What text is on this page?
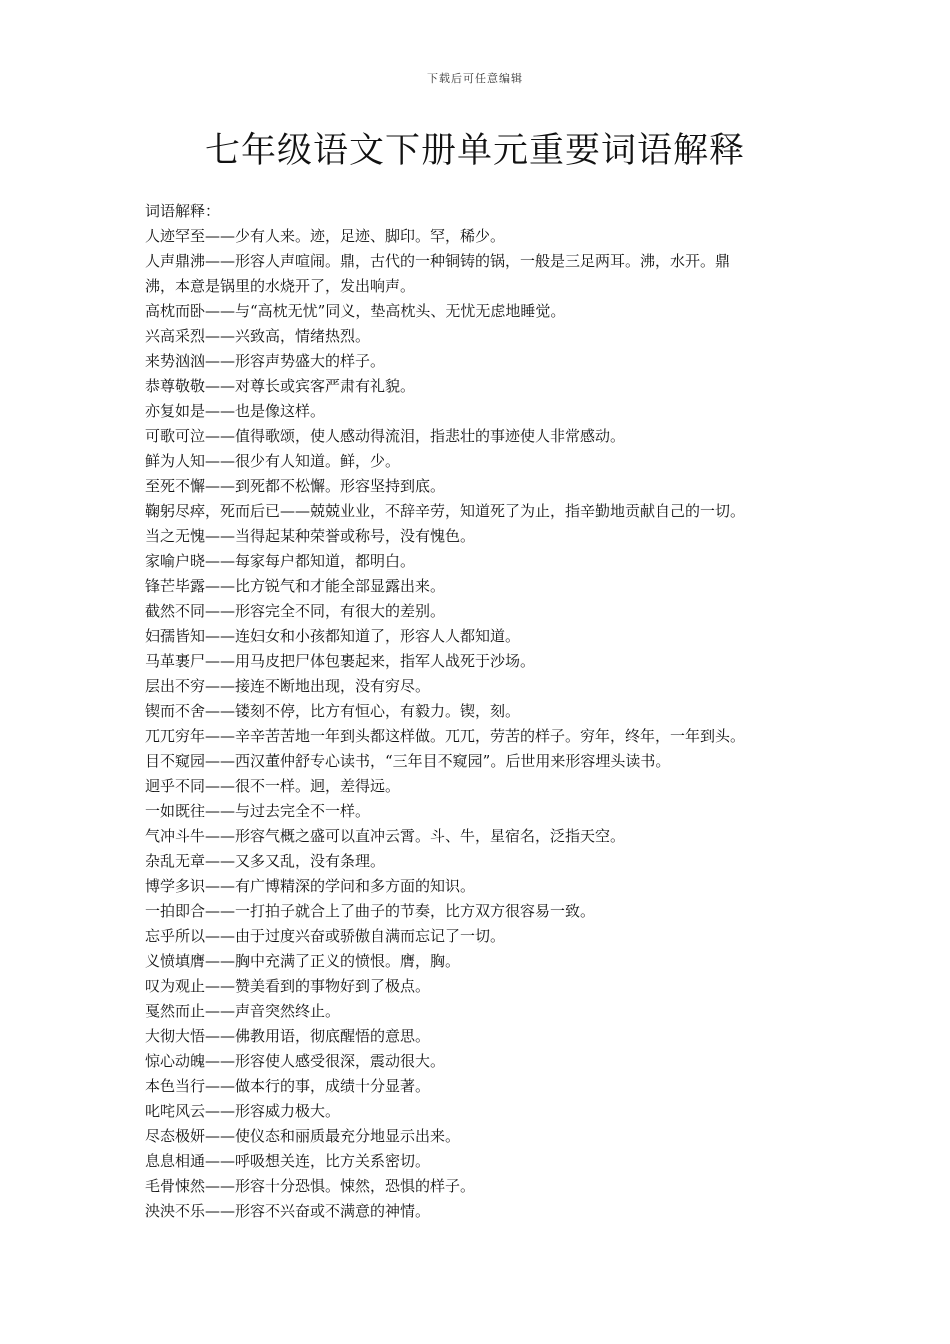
下载后可任意编辑
七年级语文下册单元重要词语解释
词语解释：
人迹罕至——少有人来。迹，足迹、脚印。罕，稀少。
人声鼎沸——形容人声喧闹。鼎，古代的一种铜铸的锅，一般是三足两耳。沸，水开。鼎
沸，本意是锅里的水烧开了，发出响声。
高枕而卧——与“高枕无忧”同义，垫高枕头、无忧无虑地睡觉。
兴高采烈——兴致高，情绪热烈。
来势汹汹——形容声势盛大的样子。
恭尊敬敬——对尊长或宾客严肃有礼貌。
亦复如是——也是像这样。
可歌可泣——值得歌颂，使人感动得流泪，指悲壮的事迹使人非常感动。
鲜为人知——很少有人知道。鲜，少。
至死不懈——到死都不松懈。形容坚持到底。
鞠躬尽瘁，死而后已——兢兢业业，不辞辛劳，知道死了为止，指辛勤地贡献自己的一切。
当之无愧——当得起某种荣誉或称号，没有愧色。
家喻户晓——每家每户都知道，都明白。
锋芒毕露——比方锐气和才能全部显露出来。
截然不同——形容完全不同，有很大的差别。
妇孺皆知——连妇女和小孩都知道了，形容人人都知道。
马革裹尸——用马皮把尸体包裹起来，指军人战死于沙场。
层出不穷——接连不断地出现，没有穷尽。
锲而不舍——镂刻不停，比方有恒心，有毅力。锲，刻。
兀兀穷年——辛辛苦苦地一年到头都这样做。兀兀，劳苦的样子。穷年，终年，一年到头。
目不窥园——西汉董仲舒专心读书，“三年目不窥园”。后世用来形容埋头读书。
迥乎不同——很不一样。迥，差得远。
一如既往——与过去完全不一样。
气冲斗牛——形容气概之盛可以直冲云霄。斗、牛，星宿名，泛指天空。
杂乱无章——又多又乱，没有条理。
博学多识——有广博精深的学问和多方面的知识。
一拍即合——一打拍子就合上了曲子的节奏，比方双方很容易一致。
忘乎所以——由于过度兴奋或骄傲自满而忘记了一切。
义愤填膺——胸中充满了正义的愤恨。膺，胸。
叹为观止——赞美看到的事物好到了极点。
戛然而止——声音突然终止。
大彻大悟——佛教用语，彻底醒悟的意思。
惊心动魄——形容使人感受很深，震动很大。
本色当行——做本行的事，成绩十分显著。
叱咤风云——形容威力极大。
尽态极妍——使仪态和丽质最充分地显示出来。
息息相通——呼吸想关连，比方关系密切。
毛骨悚然——形容十分恐惧。悚然，恐惧的样子。
泱泱不乐——形容不兴奋或不满意的神情。
